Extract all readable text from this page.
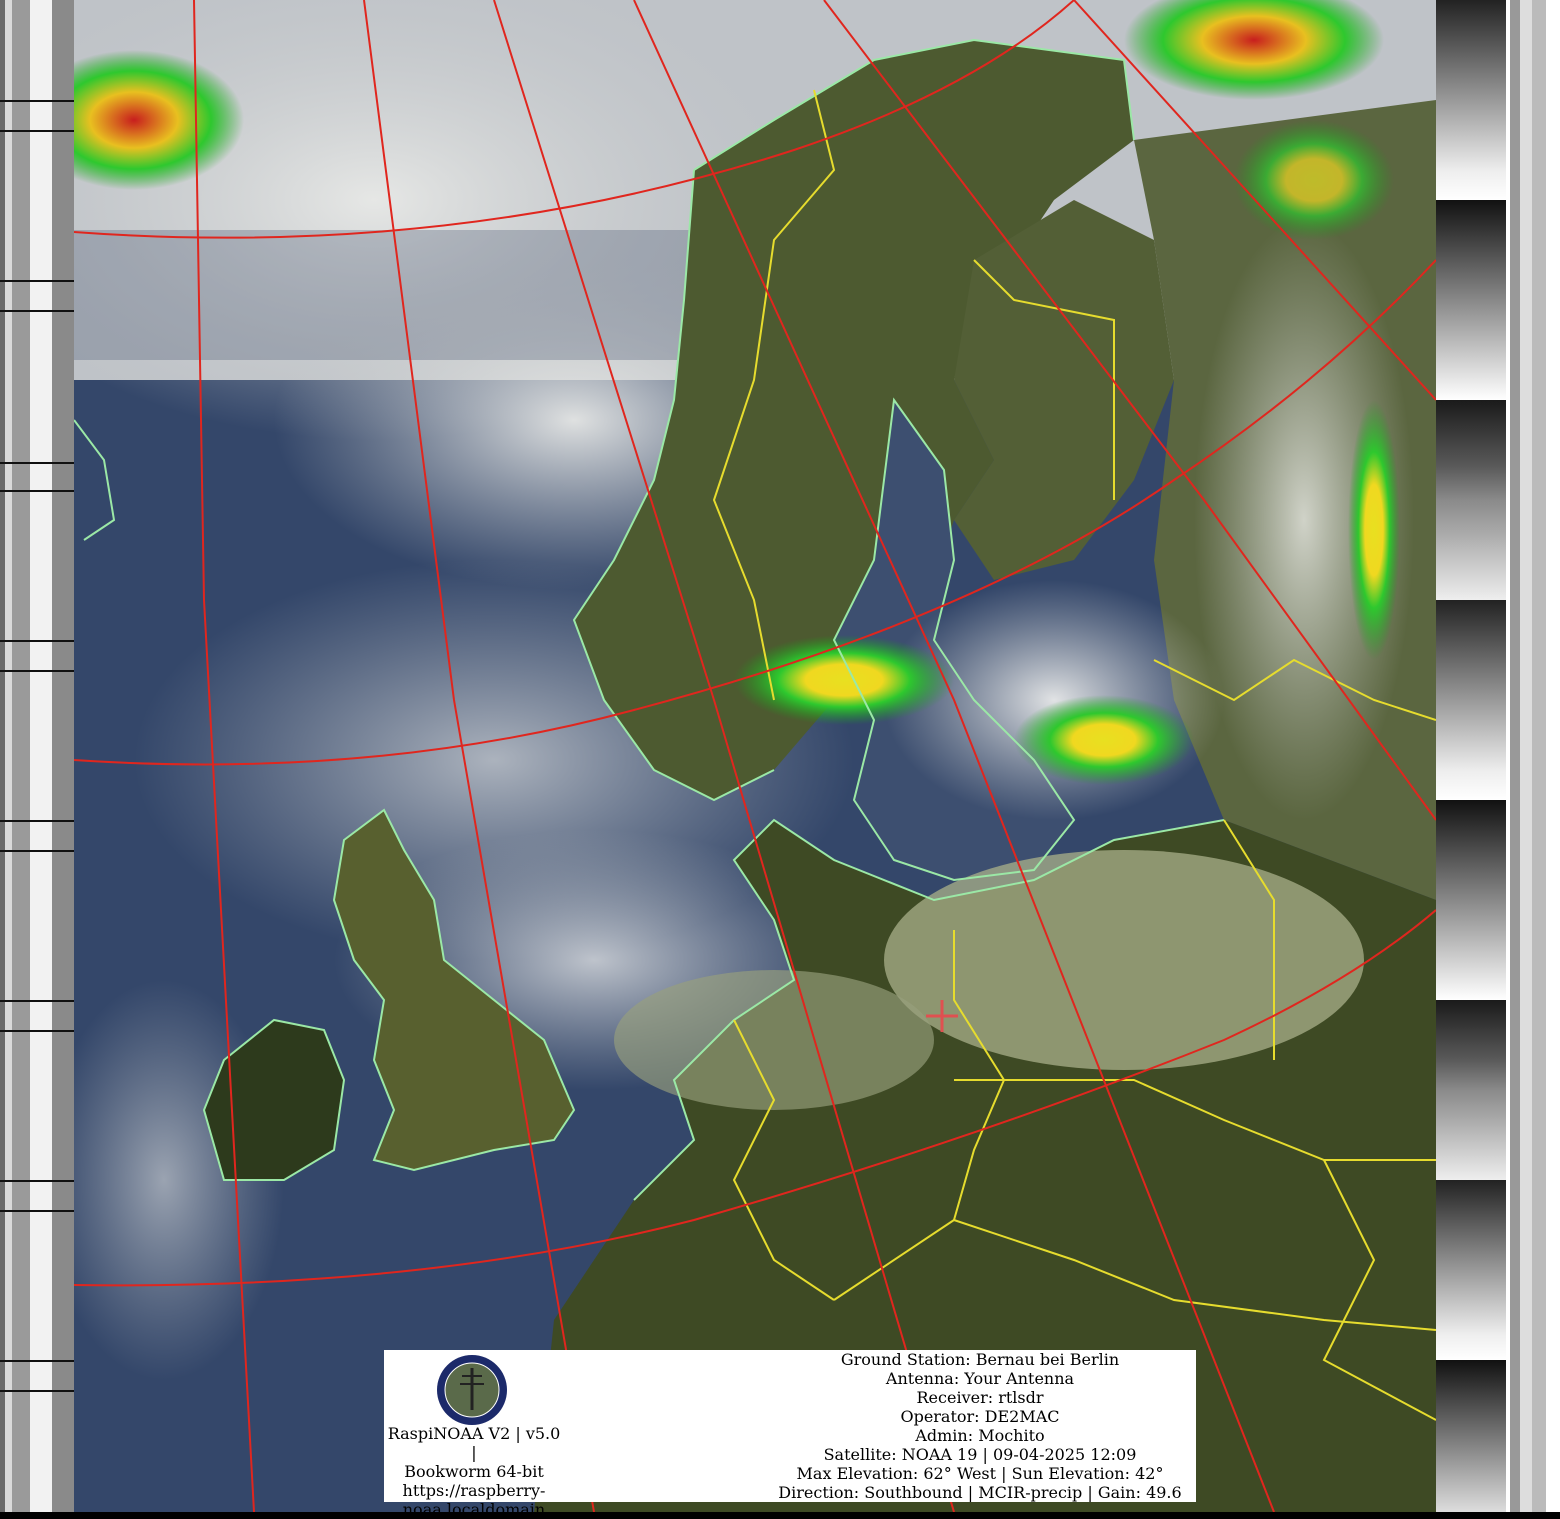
RaspiNOAA V2 | v5.0 |
Bookworm 64-bit
https://raspberry-
noaa.localdomain
Ground Station: Bernau bei Berlin
Antenna: Your Antenna
Receiver: rtlsdr
Operator: DE2MAC
Admin: Mochito
Satellite: NOAA 19 | 09-04-2025 12:09
Max Elevation: 62° West | Sun Elevation: 42°
Direction: Southbound | MCIR-precip | Gain: 49.6
